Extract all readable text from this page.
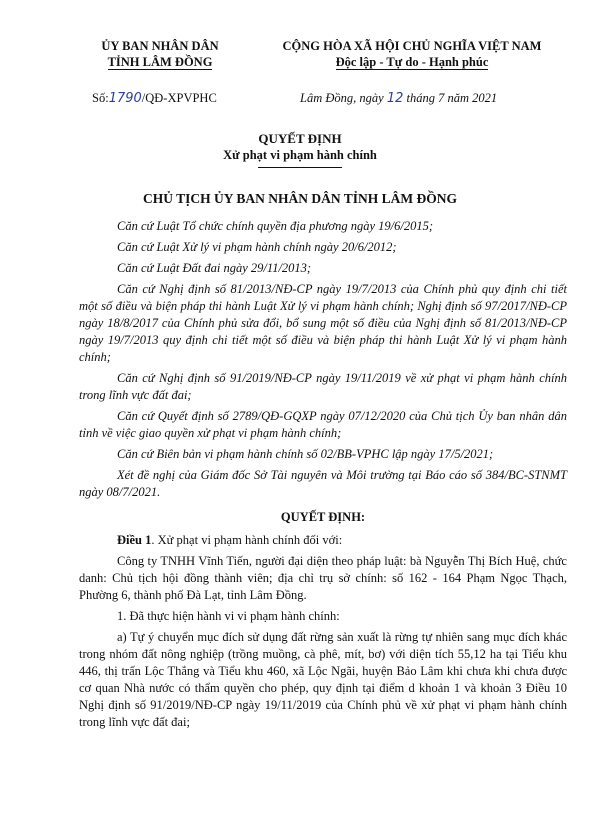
ỦY BAN NHÂN DÂN
TỈNH LÂM ĐỒNG
CỘNG HÒA XÃ HỘI CHỦ NGHĨA VIỆT NAM
Độc lập - Tự do - Hạnh phúc
Số:1790/QĐ-XPVPHC	Lâm Đồng, ngày 12 tháng 7 năm 2021
QUYẾT ĐỊNH
Xử phạt vi phạm hành chính
CHỦ TỊCH ỦY BAN NHÂN DÂN TỈNH LÂM ĐỒNG

Căn cứ Luật Tổ chức chính quyền địa phương ngày 19/6/2015;

Căn cứ Luật Xử lý vi phạm hành chính ngày 20/6/2012;

Căn cứ Luật Đất đai ngày 29/11/2013;

Căn cứ Nghị định số 81/2013/NĐ-CP ngày 19/7/2013 của Chính phủ quy định chi tiết một số điều và biện pháp thi hành Luật Xử lý vi phạm hành chính; Nghị định số 97/2017/NĐ-CP ngày 18/8/2017 của Chính phủ sửa đổi, bổ sung một số điều của Nghị định số 81/2013/NĐ-CP ngày 19/7/2013 quy định chi tiết một số điều và biện pháp thi hành Luật Xử lý vi phạm hành chính;

Căn cứ Nghị định số 91/2019/NĐ-CP ngày 19/11/2019 về xử phạt vi phạm hành chính trong lĩnh vực đất đai;

Căn cứ Quyết định số 2789/QĐ-GQXP ngày 07/12/2020 của Chủ tịch Ủy ban nhân dân tỉnh về việc giao quyền xử phạt vi phạm hành chính;

Căn cứ Biên bản vi phạm hành chính số 02/BB-VPHC lập ngày 17/5/2021;

Xét đề nghị của Giám đốc Sở Tài nguyên và Môi trường tại Báo cáo số 384/BC-STNMT ngày 08/7/2021.

QUYẾT ĐỊNH:

Điều 1. Xử phạt vi phạm hành chính đối với:

Công ty TNHH Vĩnh Tiến, người đại diện theo pháp luật: bà Nguyễn Thị Bích Huệ, chức danh: Chủ tịch hội đồng thành viên; địa chỉ trụ sở chính: số 162 - 164 Phạm Ngọc Thạch, Phường 6, thành phố Đà Lạt, tỉnh Lâm Đồng.

1. Đã thực hiện hành vi vi phạm hành chính:

a) Tự ý chuyển mục đích sử dụng đất rừng sản xuất là rừng tự nhiên sang mục đích khác trong nhóm đất nông nghiệp (trồng muồng, cà phê, mít, bơ) với diện tích 55,12 ha tại Tiểu khu 446, thị trấn Lộc Thắng và Tiểu khu 460, xã Lộc Ngãi, huyện Bảo Lâm khi chưa khi chưa được cơ quan Nhà nước có thẩm quyền cho phép, quy định tại điểm d khoản 1 và khoản 3 Điều 10 Nghị định số 91/2019/NĐ-CP ngày 19/11/2019 của Chính phủ về xử phạt vi phạm hành chính trong lĩnh vực đất đai;
